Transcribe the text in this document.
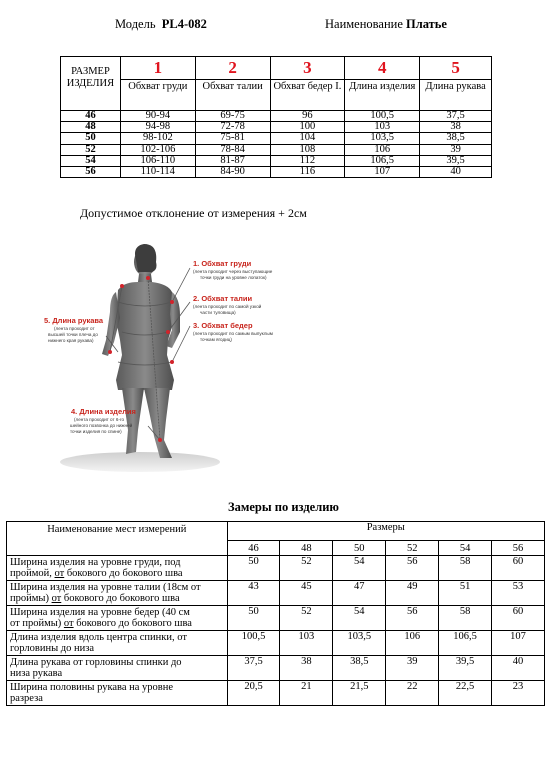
Модель PL4-082	Наименование Платье
РАЗМЕР ИЗДЕЛИЯ	1	2	3	4	5
	Обхват груди	Обхват талии	Обхват бедер I.	Длина изделия	Длина рукава
46	90-94	69-75	96	100,5	37,5
48	94-98	72-78	100	103	38
50	98-102	75-81	104	103,5	38,5
52	102-106	78-84	108	106	39
54	106-110	81-87	112	106,5	39,5
56	110-114	84-90	116	107	40
Допустимое отклонение от измерения + 2см
1. Обхват груди
(лента проходит через выступающие
точки груди на уровне лопаток)
2. Обхват талии
(лента проходит по самой узкой
части туловища)
3. Обхват бедер
(лента проходит по самым выпуклым
точкам ягодиц)
5. Длина рукава
(лента проходит от
высшей точки плеча до
нижнего края рукава)
4. Длина изделия
(лента проходит от 6-го
шейного позвонка до нижней
точки изделия по спине)
Замеры по изделию
Наименование мест измерений	Размеры					
	46	48	50	52	54	56
Ширина изделия на уровне груди, под
проймой, от бокового до бокового шва	50	52	54	56	58	60
Ширина изделия на уровне талии (18см от
проймы) от бокового до бокового шва	43	45	47	49	51	53
Ширина изделия на уровне бедер (40 см
от проймы) от бокового до бокового шва	50	52	54	56	58	60
Длина изделия вдоль центра спинки, от
горловины до низа	100,5	103	103,5	106	106,5	107
Длина рукава от горловины спинки до
низа рукава	37,5	38	38,5	39	39,5	40
Ширина половины рукава на уровне
разреза	20,5	21	21,5	22	22,5	23
